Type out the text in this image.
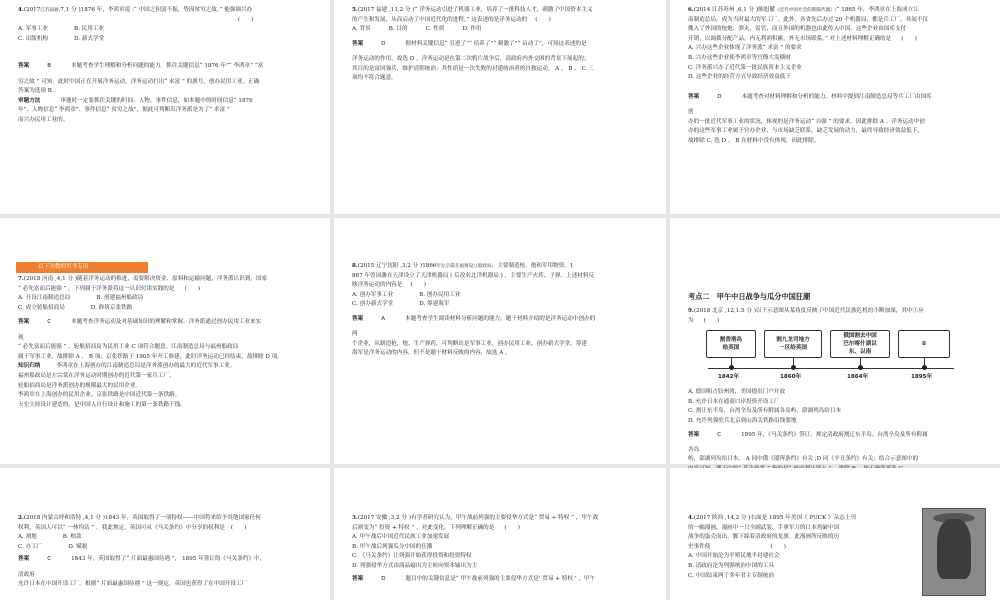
4.(2017江苏南通,7,1 分 )1876 年，李鸿章说 :“ 中国之积弱不振，势因贫穷之故。” 他强调兴办
(　　)

A. 军事工业	B. 民用工业
C. 出版机构	D. 新式学堂

答案	B	本题考查学生理解和分析问题的能力。抓住关键信息“ 1876 年”“ 李鸿章” “富

穷之故 ” 可知，此时中国正在开展洋务运动，洋务运动打出“ 求富 ” 的旗号，创办民用工业。正确

答案为选项 B 。

审题方法	审题时一定要抓住关键的时间、人物、事件信息，如本题中的时间信息“ 1876

年”、人物信息“ 李鸿章”、事件信息“ 贫穷之故”，据此可判断出洋务派是为了“ 求富 ”

而兴办民用工业的。

5.(2017 福建 ,11,2 分 )“ 洋务运动引进了机器工业，培养了一批科技人才，刺激了中国资本主义
的产生和发展，从而启动了中国近代化的进程。” 这表述的是洋务运动的 (　　)

A. 背景	B. 目的	C. 性质	D. 作用

答案	D	据材料关键信息“ 引进了”“ 培养了”“ 刺激了”“ 启动了”，可知这表述的是

洋务运动的作用，故选 D 。洋务运动是在第二次鸦片战争后，清政府内外交困的背景下展起的；

其目的是富国强兵，维护清朝统治；其性质是一次失败的封建统治者的自救运动。 A 、 B 、 C 三

项均不符合题意。

6.(2014 江苏苏州 ,6,1 分 )陈旭麓《近代中国社会的新陈代谢》:“ 1865 年，李鸿章在上海成立江

南制造总局，成为当时最大的军工厂。此外，各省先后办过 20 个机器局，都是兵工厂。其间不仅

搬入了外国的枪炮、弹丸、雷管，而且外国的机器也由此传入中国。这些企业由国库支付

开销，以调拨分配产品，内无利润积累，外无市场联系。” 对上述材料理解正确的是 (　　)

A. 兴办这些企业体现了洋务派“ 求富 ” 的要求

B. 兴办这些企业使李鸿章等官僚大发横财

C. 洋务派兴办了近代第一批民族资本主义企业

D. 这些企业的经营方式导致经济效益低下

答案	D	本题考查对材料理解和分析的能力。材料中提到江南制造总局等兵工厂由国库

创

办的一批近代军事工业的状况，体现的是洋务运动“ 自强 ” 的要求，因此排除 A 。洋务运动中创

办的这些军事工业属于官办企业，与市场缺乏联系，缺乏发展的动力，最终导致经济效益低下，

故排除 C, 选 D 。 B 在材料中没有体现，因此排除。

以下为教师用书专用

7.(2018 河南 ,4,1 分 )随着洋务运动的推进，需要解决资金、原料和运输问题，洋务派认识到，国家
“ 必先富而后能强 ” 。下列属于洋务派将这一认识付诸实践的是 (　　)

A. 开设江南制造总局	B. 创建福州船政局
C. 成立轮船招商局	D. 修筑京张铁路

答案	C	本题考查洋务运动及对基础知识的理解和掌握。洋务派通过创办民用工业来实

现

“ 必先富而后能强 ” ，轮船招商局为民用工业 C 项符合题意。江南制造总局与福州船政局

属于军事工业，故排除 A 、 B 项；京张铁路于 1905 年开工修建，此时洋务运动已经结束，故排除 D 项。

知识归纳	李鸿章在上海创办的江南制造总局是洋务派创办的最大的近代军事工业。

福州船政局是左宗棠在洋务运动时期创办的近代第一家兵工厂。

轮船招商局是洋务派创办的规模最大的民用企业。

李鸿章在上海创办的民用企业。京张铁路是中国近代第一条铁路。

天宏主持设计建造的，是中国人自行设计和施工的第一条铁路干线。

8.(2015 辽宁沈阳 ,3,2 分 )1866年左宗棠在福州设立船政局，主要制造枪、炮和军用物资。1
867 年曾国藩在天津设立了天津机器局 ( 后改名北洋机器局 ) ，主要生产火药、子弹。上述材料反
映洋务运动的内容是 (　　)

A. 创办军事工业	B. 创办民用工业
C. 创办新式学堂	D. 筹建海军

答案	A	本题考查学生阅读材料分析问题的能力。题干材料介绍的是洋务运动中创办的

两

个企业，从制造枪、炮、生产弹药，可判断出是军事工业，创办民用工业、创办新式学堂、筹建

海军是洋务运动的内容，但不是题干材料反映的内容，故选 A 。

考点二　甲午中日战争与瓜分中国狂潮

9.(2018 北京 ,12,1.5 分 )以下示意图从某角度反映了中国近代民族危机的不断加深，其中①应
为 (　　)

割香港岛
给英国
割九龙司地方
一区给英国
俄国割去中国
巴尔喀什湖以
东、以南
①
1842年	1860年	1864年	1895年

A. 德国租占胶州湾，美国提出门户开放

B. 允许日本在通商口岸投资开设工厂

C. 割让东半岛、台湾全岛及所有附属各岛屿、澎湖列岛给日本

D. 允许列强驻兵北京到山海关铁路沿线要地

答案	C	1895 年，《马关条约》签订，规定清政府割辽东半岛、台湾全岛及所有附属

各岛

屿，澎湖列岛给日本。 A 同中俄《瑷珲条约》有关 ;D 同《辛丑条约》有关；结合示意图中的

2.(2018 内蒙古呼和浩特 ,4,1 分 )1843 年，英国取得了一项特权——中国将来给予其他国家任何
权利，英国人可以“ 一体均沾 ” 。我此规定，英国可从《马关条约》中分享的权利是 (　　)

A. 割地	B. 赔款
C. 办工厂	D. 赋税

答案	C	1843 年，英国取得了“ 片面最惠国待遇 ”， 1895 年签订的《马关条约》中，

清政府

允许日本在中国开设工厂。根据“ 片面最惠国待遇 ” 这一规定，英国也获得了在中国开设工厂

3.(2017 安徽 ,3,2 分 )有学者研究认为，甲午战前列强的主要侵华方式是“ 贸易 + 特权 ” ，甲午战
后则变为“ 投资 + 特权 ” 。对此变化，下列理解正确的是 (　　)

A. 甲午战后中国近代民族工业加速发展

B. 甲午战后列强瓜分中国的狂潮

C. 《马关条约》让列强开始获得投资和投资特权

D. 列强侵华方式由商品输出为主转向资本输出为主

答案	D	题目中的关键信息是“ 甲午战前列强的主要侵华方式是‘ 贸易 + 特权 ’ ，甲午

4.(2017 陕西 ,14,2 分 )右面是 1895 年美国《 PUCK 》杂志上刊
的一幅漫画，漫画中一只全副武装、手拿军刀的日本鸡破中国
战争的蛋壳而出，脚下踩着清政府的龙旗。此漫画所反映的历
史事件使	(　　)

A. 中国开始沦为半殖民地半封建社会

B. 清政府沦为列强统治中国的工具

C. 中国结束两千多年君主专制统治
